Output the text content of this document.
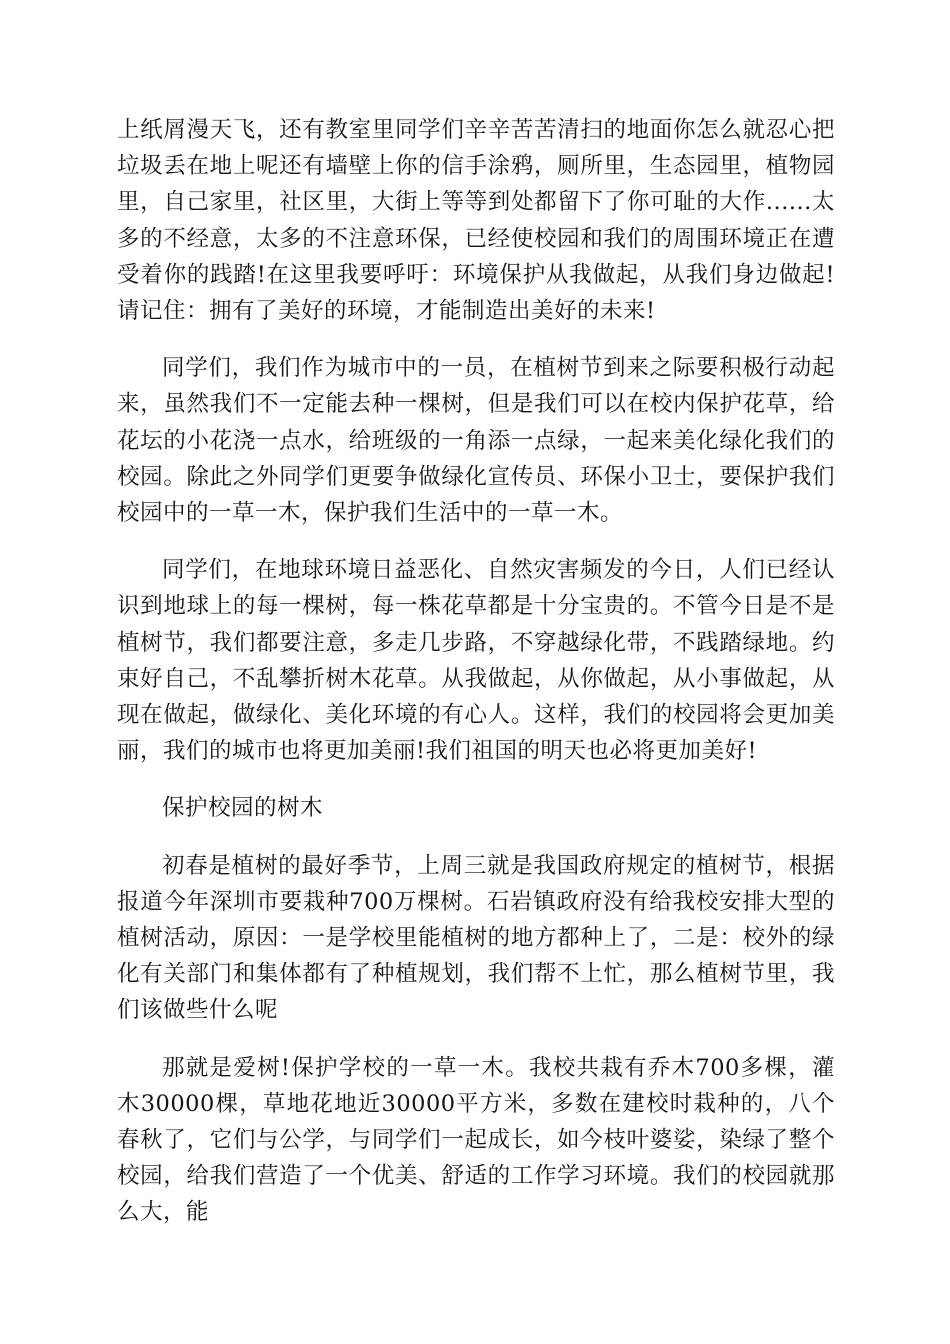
上纸屑漫天飞，还有教室里同学们辛辛苦苦清扫的地面你怎么就忍心把垃圾丢在地上呢还有墙壁上你的信手涂鸦，厕所里，生态园里，植物园里，自己家里，社区里，大街上等等到处都留下了你可耻的大作......太多的不经意，太多的不注意环保，已经使校园和我们的周围环境正在遭受着你的践踏!在这里我要呼吁：环境保护从我做起，从我们身边做起!请记住：拥有了美好的环境，才能制造出美好的未来!

同学们，我们作为城市中的一员，在植树节到来之际要积极行动起来，虽然我们不一定能去种一棵树，但是我们可以在校内保护花草，给花坛的小花浇一点水，给班级的一角添一点绿，一起来美化绿化我们的校园。除此之外同学们更要争做绿化宣传员、环保小卫士，要保护我们校园中的一草一木，保护我们生活中的一草一木。

同学们，在地球环境日益恶化、自然灾害频发的今日，人们已经认识到地球上的每一棵树，每一株花草都是十分宝贵的。不管今日是不是植树节，我们都要注意，多走几步路，不穿越绿化带，不践踏绿地。约束好自己，不乱攀折树木花草。从我做起，从你做起，从小事做起，从现在做起，做绿化、美化环境的有心人。这样，我们的校园将会更加美丽，我们的城市也将更加美丽!我们祖国的明天也必将更加美好!

保护校园的树木

初春是植树的最好季节，上周三就是我国政府规定的植树节，根据报道今年深圳市要栽种700万棵树。石岩镇政府没有给我校安排大型的植树活动，原因：一是学校里能植树的地方都种上了，二是：校外的绿化有关部门和集体都有了种植规划，我们帮不上忙，那么植树节里，我们该做些什么呢

那就是爱树!保护学校的一草一木。我校共栽有乔木700多棵，灌木30000棵，草地花地近30000平方米，多数在建校时栽种的，八个春秋了，它们与公学，与同学们一起成长，如今枝叶婆娑，染绿了整个校园，给我们营造了一个优美、舒适的工作学习环境。我们的校园就那么大，能
